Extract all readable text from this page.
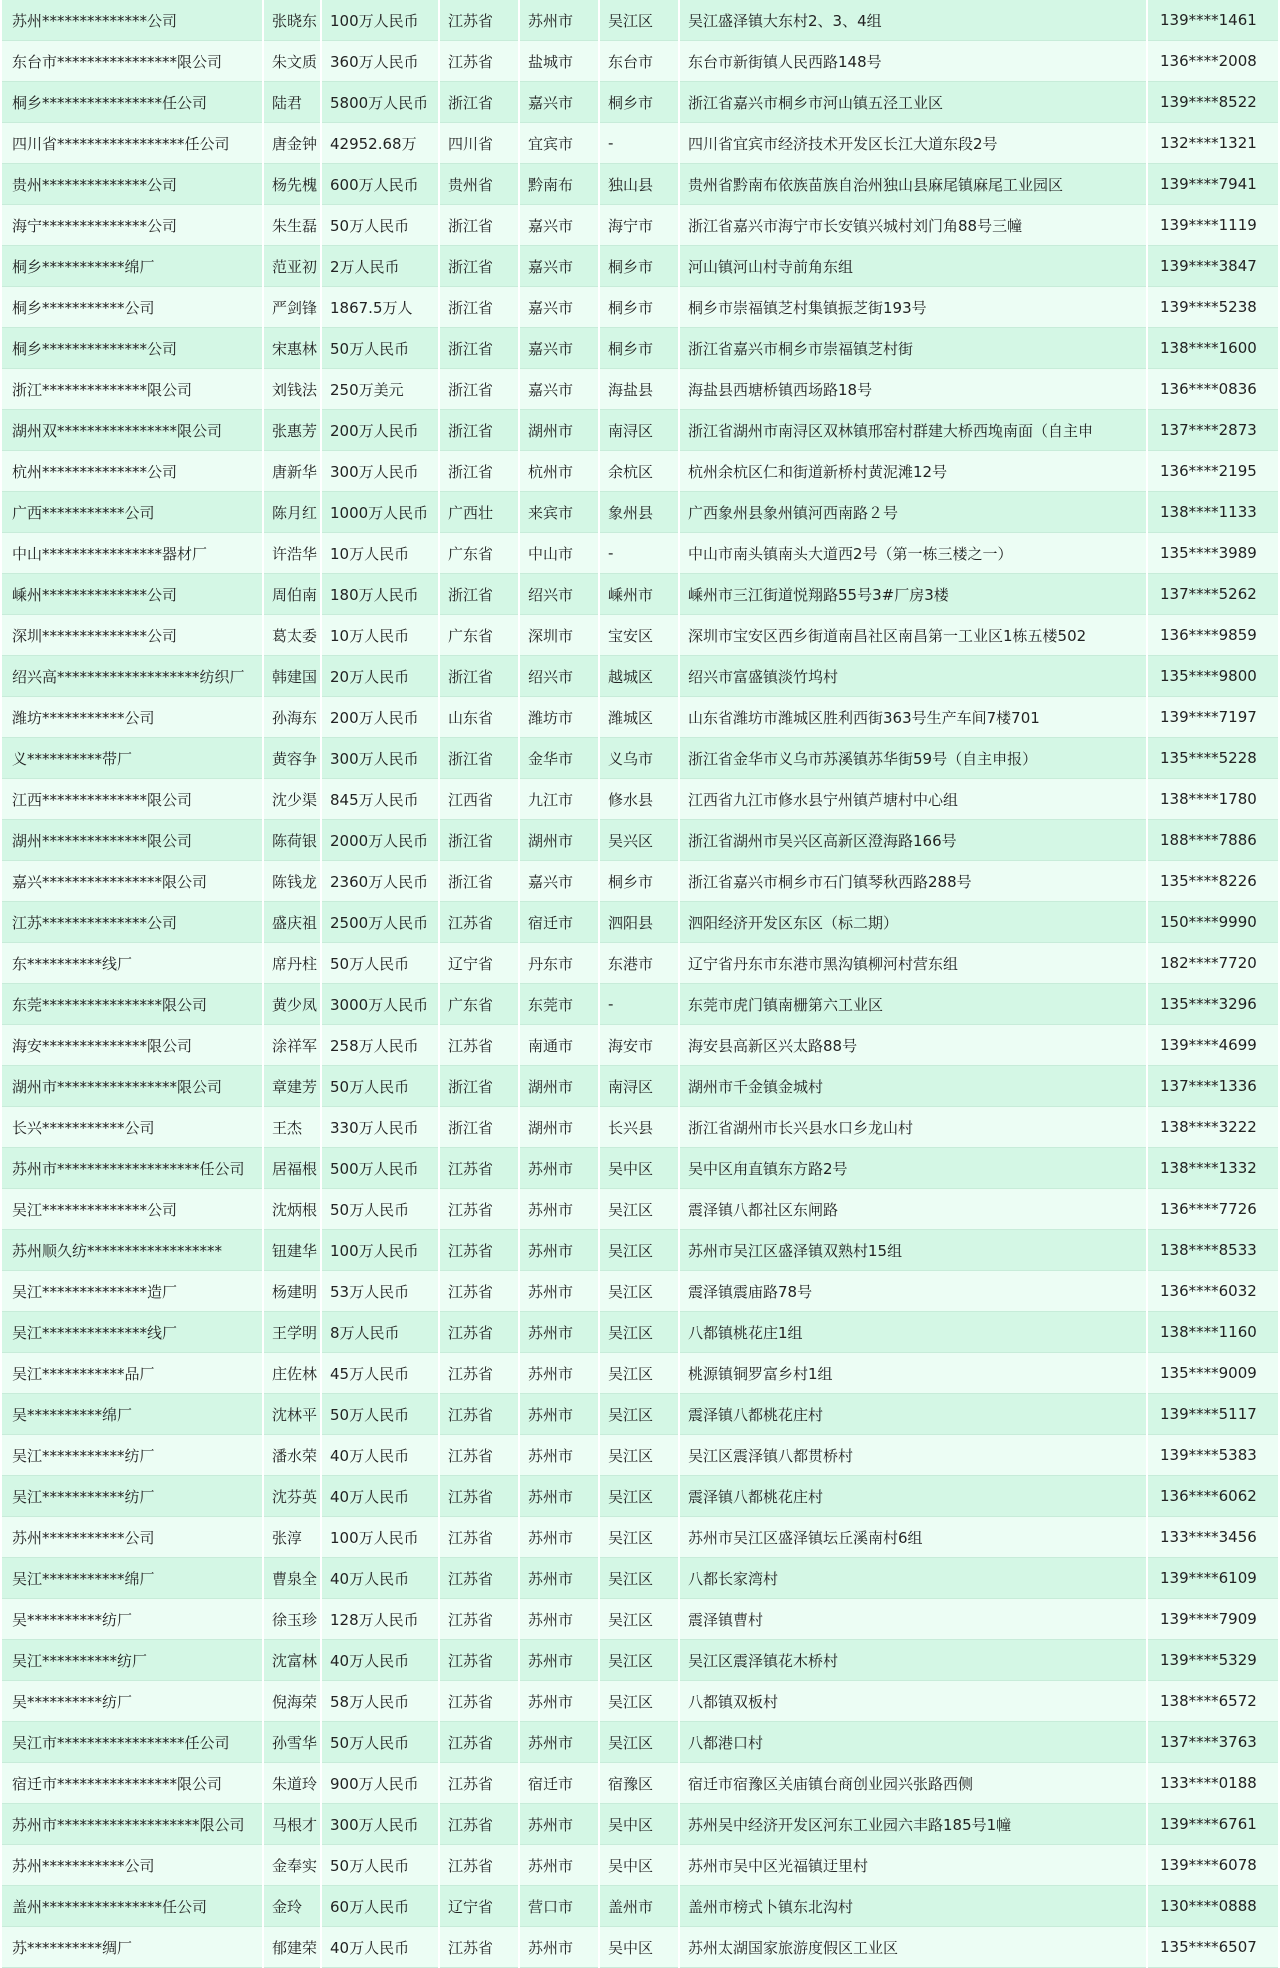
苏州**************公司	张晓东	100万人民币	江苏省	苏州市	吴江区	吴江盛泽镇大东村2、3、4组	139****1461
东台市****************限公司	朱文质	360万人民币	江苏省	盐城市	东台市	东台市新街镇人民西路148号	136****2008
桐乡****************任公司	陆君	5800万人民币	浙江省	嘉兴市	桐乡市	浙江省嘉兴市桐乡市河山镇五泾工业区	139****8522
四川省*****************任公司	唐金钟	42952.68万	四川省	宜宾市	-	四川省宜宾市经济技术开发区长江大道东段2号	132****1321
贵州**************公司	杨先槐	600万人民币	贵州省	黔南布	独山县	贵州省黔南布依族苗族自治州独山县麻尾镇麻尾工业园区	139****7941
海宁**************公司	朱生磊	50万人民币	浙江省	嘉兴市	海宁市	浙江省嘉兴市海宁市长安镇兴城村刘门角88号三幢	139****1119
桐乡***********绵厂	范亚初	2万人民币	浙江省	嘉兴市	桐乡市	河山镇河山村寺前角东组	139****3847
桐乡***********公司	严剑锋	1867.5万人	浙江省	嘉兴市	桐乡市	桐乡市崇福镇芝村集镇振芝街193号	139****5238
桐乡**************公司	宋惠林	50万人民币	浙江省	嘉兴市	桐乡市	浙江省嘉兴市桐乡市崇福镇芝村街	138****1600
浙江**************限公司	刘钱法	250万美元	浙江省	嘉兴市	海盐县	海盐县西塘桥镇西场路18号	136****0836
湖州双****************限公司	张惠芳	200万人民币	浙江省	湖州市	南浔区	浙江省湖州市南浔区双林镇邢窑村群建大桥西堍南面（自主申	137****2873
杭州**************公司	唐新华	300万人民币	浙江省	杭州市	余杭区	杭州余杭区仁和街道新桥村黄泥滩12号	136****2195
广西***********公司	陈月红	1000万人民币	广西壮	来宾市	象州县	广西象州县象州镇河西南路２号	138****1133
中山****************器材厂	许浩华	10万人民币	广东省	中山市	-	中山市南头镇南头大道西2号（第一栋三楼之一）	135****3989
嵊州**************公司	周伯南	180万人民币	浙江省	绍兴市	嵊州市	嵊州市三江街道悦翔路55号3#厂房3楼	137****5262
深圳**************公司	葛太委	10万人民币	广东省	深圳市	宝安区	深圳市宝安区西乡街道南昌社区南昌第一工业区1栋五楼502	136****9859
绍兴高*******************纺织厂	韩建国	20万人民币	浙江省	绍兴市	越城区	绍兴市富盛镇淡竹坞村	135****9800
潍坊***********公司	孙海东	200万人民币	山东省	潍坊市	潍城区	山东省潍坊市潍城区胜利西街363号生产车间7楼701	139****7197
义**********带厂	黄容争	300万人民币	浙江省	金华市	义乌市	浙江省金华市义乌市苏溪镇苏华街59号（自主申报）	135****5228
江西**************限公司	沈少渠	845万人民币	江西省	九江市	修水县	江西省九江市修水县宁州镇芦塘村中心组	138****1780
湖州**************限公司	陈荷银	2000万人民币	浙江省	湖州市	吴兴区	浙江省湖州市吴兴区高新区澄海路166号	188****7886
嘉兴****************限公司	陈钱龙	2360万人民币	浙江省	嘉兴市	桐乡市	浙江省嘉兴市桐乡市石门镇琴秋西路288号	135****8226
江苏**************公司	盛庆祖	2500万人民币	江苏省	宿迁市	泗阳县	泗阳经济开发区东区（标二期）	150****9990
东**********线厂	席丹柱	50万人民币	辽宁省	丹东市	东港市	辽宁省丹东市东港市黑沟镇柳河村营东组	182****7720
东莞****************限公司	黄少凤	3000万人民币	广东省	东莞市	-	东莞市虎门镇南栅第六工业区	135****3296
海安**************限公司	涂祥军	258万人民币	江苏省	南通市	海安市	海安县高新区兴太路88号	139****4699
湖州市****************限公司	章建芳	50万人民币	浙江省	湖州市	南浔区	湖州市千金镇金城村	137****1336
长兴***********公司	王杰	330万人民币	浙江省	湖州市	长兴县	浙江省湖州市长兴县水口乡龙山村	138****3222
苏州市*******************任公司	居福根	500万人民币	江苏省	苏州市	吴中区	吴中区甪直镇东方路2号	138****1332
吴江**************公司	沈炳根	50万人民币	江苏省	苏州市	吴江区	震泽镇八都社区东闸路	136****7726
苏州顺久纺******************	钮建华	100万人民币	江苏省	苏州市	吴江区	苏州市吴江区盛泽镇双熟村15组	138****8533
吴江**************造厂	杨建明	53万人民币	江苏省	苏州市	吴江区	震泽镇震庙路78号	136****6032
吴江**************线厂	王学明	8万人民币	江苏省	苏州市	吴江区	八都镇桃花庄1组	138****1160
吴江***********品厂	庄佐林	45万人民币	江苏省	苏州市	吴江区	桃源镇铜罗富乡村1组	135****9009
吴**********绵厂	沈林平	50万人民币	江苏省	苏州市	吴江区	震泽镇八都桃花庄村	139****5117
吴江***********纺厂	潘水荣	40万人民币	江苏省	苏州市	吴江区	吴江区震泽镇八都贯桥村	139****5383
吴江***********纺厂	沈芬英	40万人民币	江苏省	苏州市	吴江区	震泽镇八都桃花庄村	136****6062
苏州***********公司	张淳	100万人民币	江苏省	苏州市	吴江区	苏州市吴江区盛泽镇坛丘溪南村6组	133****3456
吴江***********绵厂	曹泉全	40万人民币	江苏省	苏州市	吴江区	八都长家湾村	139****6109
吴**********纺厂	徐玉珍	128万人民币	江苏省	苏州市	吴江区	震泽镇曹村	139****7909
吴江**********纺厂	沈富林	40万人民币	江苏省	苏州市	吴江区	吴江区震泽镇花木桥村	139****5329
吴**********纺厂	倪海荣	58万人民币	江苏省	苏州市	吴江区	八都镇双板村	138****6572
吴江市*****************任公司	孙雪华	50万人民币	江苏省	苏州市	吴江区	八都港口村	137****3763
宿迁市****************限公司	朱道玲	900万人民币	江苏省	宿迁市	宿豫区	宿迁市宿豫区关庙镇台商创业园兴张路西侧	133****0188
苏州市*******************限公司	马根才	300万人民币	江苏省	苏州市	吴中区	苏州吴中经济开发区河东工业园六丰路185号1幢	139****6761
苏州***********公司	金奉实	50万人民币	江苏省	苏州市	吴中区	苏州市吴中区光福镇迂里村	139****6078
盖州****************任公司	金玲	60万人民币	辽宁省	营口市	盖州市	盖州市榜式卜镇东北沟村	130****0888
苏**********绸厂	郁建荣	40万人民币	江苏省	苏州市	吴中区	苏州太湖国家旅游度假区工业区	135****6507
